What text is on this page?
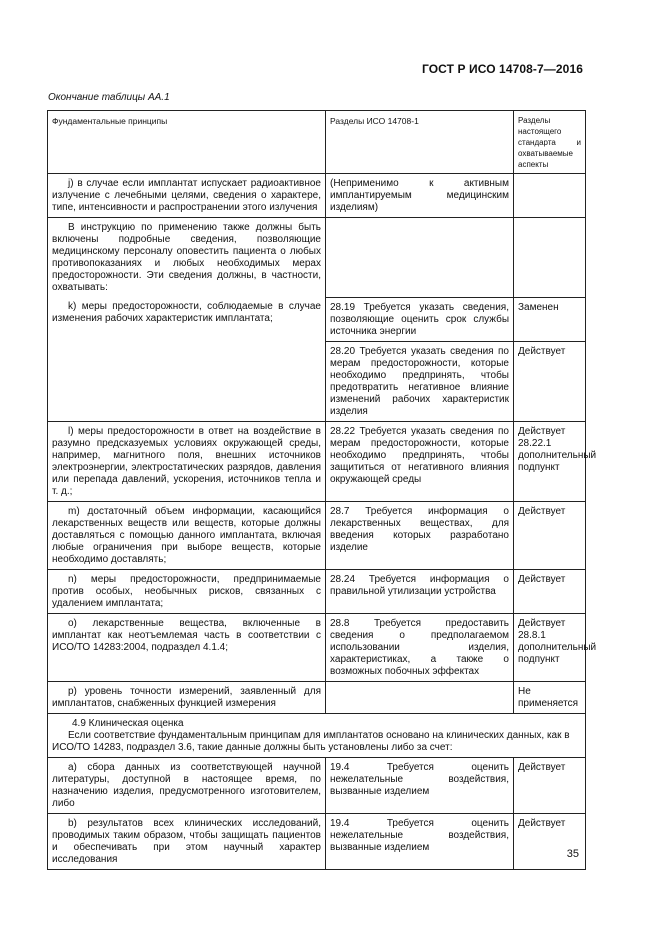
ГОСТ Р ИСО 14708-7—2016
Окончание таблицы АА.1
Фундаментальные принципы	Разделы ИСО 14708-1	Разделы настоящего стандарта и охватываемые аспекты
j) в случае если имплантат испускает радиоактивное излучение с лечебными целями, сведения о характере, типе, интенсивности и распространении этого излучения	(Неприменимо к активным имплантируемым медицинским изделиям)	
В инструкцию по применению также должны быть включены подробные сведения, позволяющие медицинскому персоналу оповестить пациента о любых противопоказаниях и любых необходимых мерах предосторожности. Эти сведения должны, в частности, охватывать:		
k) меры предосторожности, соблюдаемые в случае изменения рабочих характеристик имплантата;	28.19 Требуется указать сведения, позволяющие оценить срок службы источника энергии	Заменен
	28.20 Требуется указать сведения по мерам предосторожности, которые необходимо предпринять, чтобы предотвратить негативное влияние изменений рабочих характеристик изделия	Действует
l) меры предосторожности в ответ на воздействие в разумно предсказуемых условиях окружающей среды, например, магнитного поля, внешних источников электроэнергии, электростатических разрядов, давления или перепада давлений, ускорения, источников тепла и т. д.;	28.22 Требуется указать сведения по мерам предосторожности, которые необходимо предпринять, чтобы защититься от негативного влияния окружающей среды	Действует 28.22.1 дополнительный подпункт
m) достаточный объем информации, касающийся лекарственных веществ или веществ, которые должны доставляться с помощью данного имплантата, включая любые ограничения при выборе веществ, которые необходимо доставлять;	28.7 Требуется информация о лекарственных веществах, для введения которых разработано изделие	Действует
n) меры предосторожности, предпринимаемые против особых, необычных рисков, связанных с удалением имплантата;	28.24 Требуется информация о правильной утилизации устройства	Действует
o) лекарственные вещества, включенные в имплантат как неотъемлемая часть в соответствии с ИСО/ТО 14283:2004, подраздел 4.1.4;	28.8 Требуется предоставить сведения о предполагаемом использовании изделия, характеристиках, а также о возможных побочных эффектах	Действует 28.8.1 дополнительный подпункт
p) уровень точности измерений, заявленный для имплантатов, снабженных функцией измерения		Не применяется

4.9 Клиническая оценка
Если соответствие фундаментальным принципам для имплантатов основано на клинических данных, как в ИСО/ТО 14283, подраздел 3.6, такие данные должны быть установлены либо за счет:		

a) сбора данных из соответствующей научной литературы, доступной в настоящее время, по назначению изделия, предусмотренного изготовителем, либо	19.4 Требуется оценить нежелательные воздействия, вызванные изделием	Действует
b) результатов всех клинических исследований, проводимых таким образом, чтобы защищать пациентов и обеспечивать при этом научный характер исследования	19.4 Требуется оценить нежелательные воздействия, вызванные изделием	Действует
35
